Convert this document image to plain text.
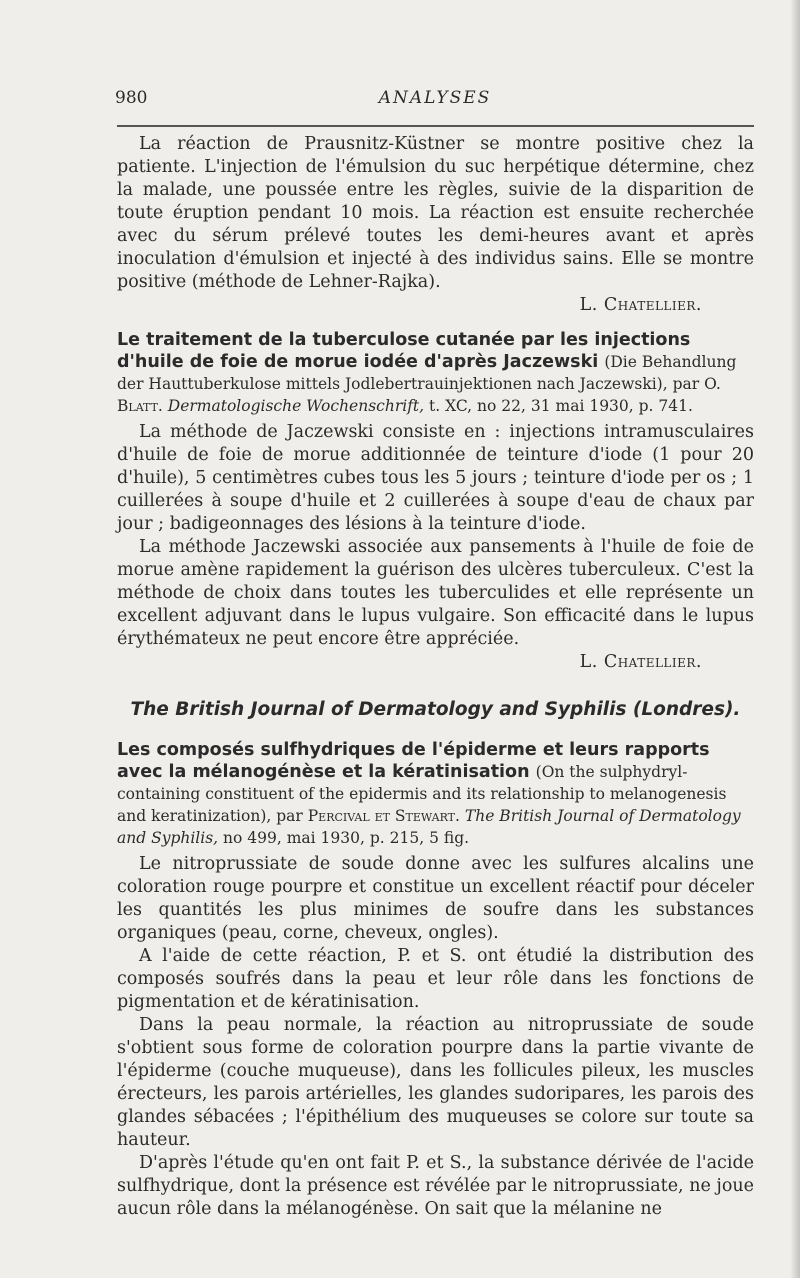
980	ANALYSES

La réaction de Prausnitz-Küstner se montre positive chez la patiente. L'injection de l'émulsion du suc herpétique détermine, chez la malade, une poussée entre les règles, suivie de la disparition de toute éruption pendant 10 mois. La réaction est ensuite recherchée avec du sérum prélevé toutes les demi-heures avant et après inoculation d'émulsion et injecté à des individus sains. Elle se montre positive (méthode de Lehner-Rajka).

L. Chatellier.

Le traitement de la tuberculose cutanée par les injections d'huile de foie de morue iodée d'après Jaczewski (Die Behandlung der Hauttuberkulose mittels Jodlebertrauinjektionen nach Jaczewski), par O. Blatt. Dermatologische Wochenschrift, t. XC, no 22, 31 mai 1930, p. 741.

La méthode de Jaczewski consiste en : injections intramusculaires d'huile de foie de morue additionnée de teinture d'iode (1 pour 20 d'huile), 5 centimètres cubes tous les 5 jours ; teinture d'iode per os ; 1 cuillerées à soupe d'huile et 2 cuillerées à soupe d'eau de chaux par jour ; badigeonnages des lésions à la teinture d'iode.

La méthode Jaczewski associée aux pansements à l'huile de foie de morue amène rapidement la guérison des ulcères tuberculeux. C'est la méthode de choix dans toutes les tuberculides et elle représente un excellent adjuvant dans le lupus vulgaire. Son efficacité dans le lupus érythémateux ne peut encore être appréciée.

L. Chatellier.

The British Journal of Dermatology and Syphilis (Londres).
Les composés sulfhydriques de l'épiderme et leurs rapports avec la mélanogénèse et la kératinisation (On the sulphydryl-containing constituent of the epidermis and its relationship to melanogenesis and keratinization), par Percival et Stewart. The British Journal of Dermatology and Syphilis, no 499, mai 1930, p. 215, 5 fig.

Le nitroprussiate de soude donne avec les sulfures alcalins une coloration rouge pourpre et constitue un excellent réactif pour déceler les quantités les plus minimes de soufre dans les substances organiques (peau, corne, cheveux, ongles).

A l'aide de cette réaction, P. et S. ont étudié la distribution des composés soufrés dans la peau et leur rôle dans les fonctions de pigmentation et de kératinisation.

Dans la peau normale, la réaction au nitroprussiate de soude s'obtient sous forme de coloration pourpre dans la partie vivante de l'épiderme (couche muqueuse), dans les follicules pileux, les muscles érecteurs, les parois artérielles, les glandes sudoripares, les parois des glandes sébacées ; l'épithélium des muqueuses se colore sur toute sa hauteur.

D'après l'étude qu'en ont fait P. et S., la substance dérivée de l'acide sulfhydrique, dont la présence est révélée par le nitroprussiate, ne joue aucun rôle dans la mélanogénèse. On sait que la mélanine ne
